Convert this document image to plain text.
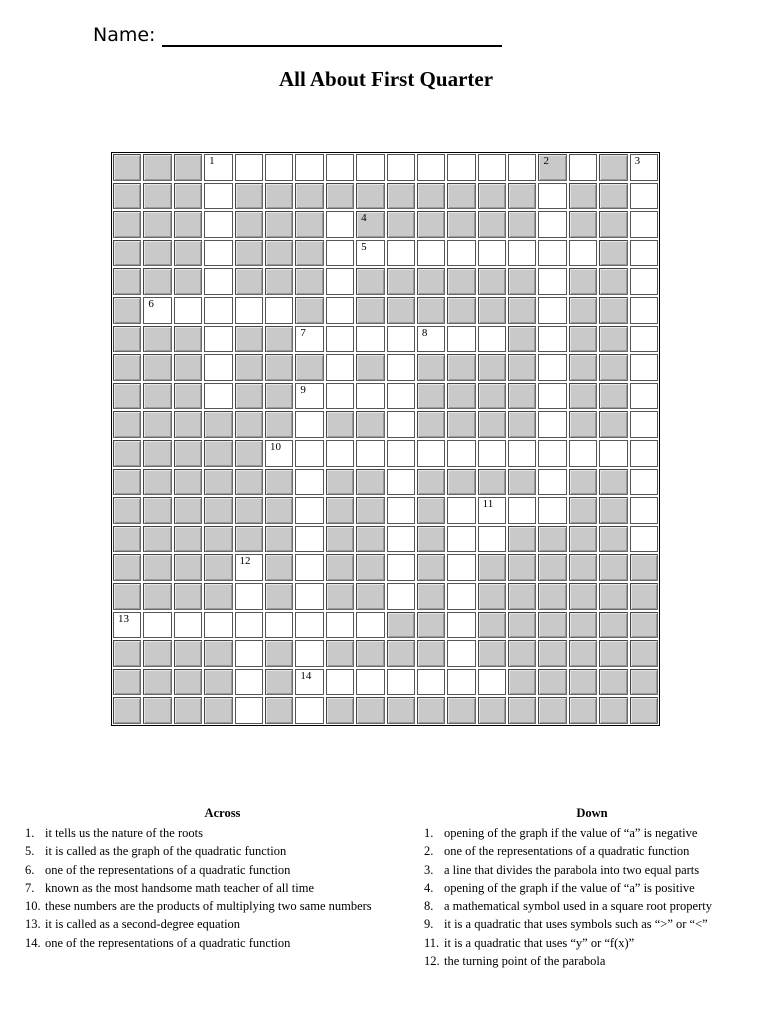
Name:
All About First Quarter
1	2	3
4
5
6
7	8
9
10
11
12
13
14
Across
1. it tells us the nature of the roots
5. it is called as the graph of the quadratic function
6. one of the representations of a quadratic function
7. known as the most handsome math teacher of all time
10. these numbers are the products of multiplying two same numbers
13. it is called as a second-degree equation
14. one of the representations of a quadratic function
Down
1. opening of the graph if the value of “a” is negative
2. one of the representations of a quadratic function
3. a line that divides the parabola into two equal parts
4. opening of the graph if the value of “a” is positive
8. a mathematical symbol used in a square root property
9. it is a quadratic that uses symbols such as “>” or “<”
11. it is a quadratic that uses “y” or “f(x)”
12. the turning point of the parabola
